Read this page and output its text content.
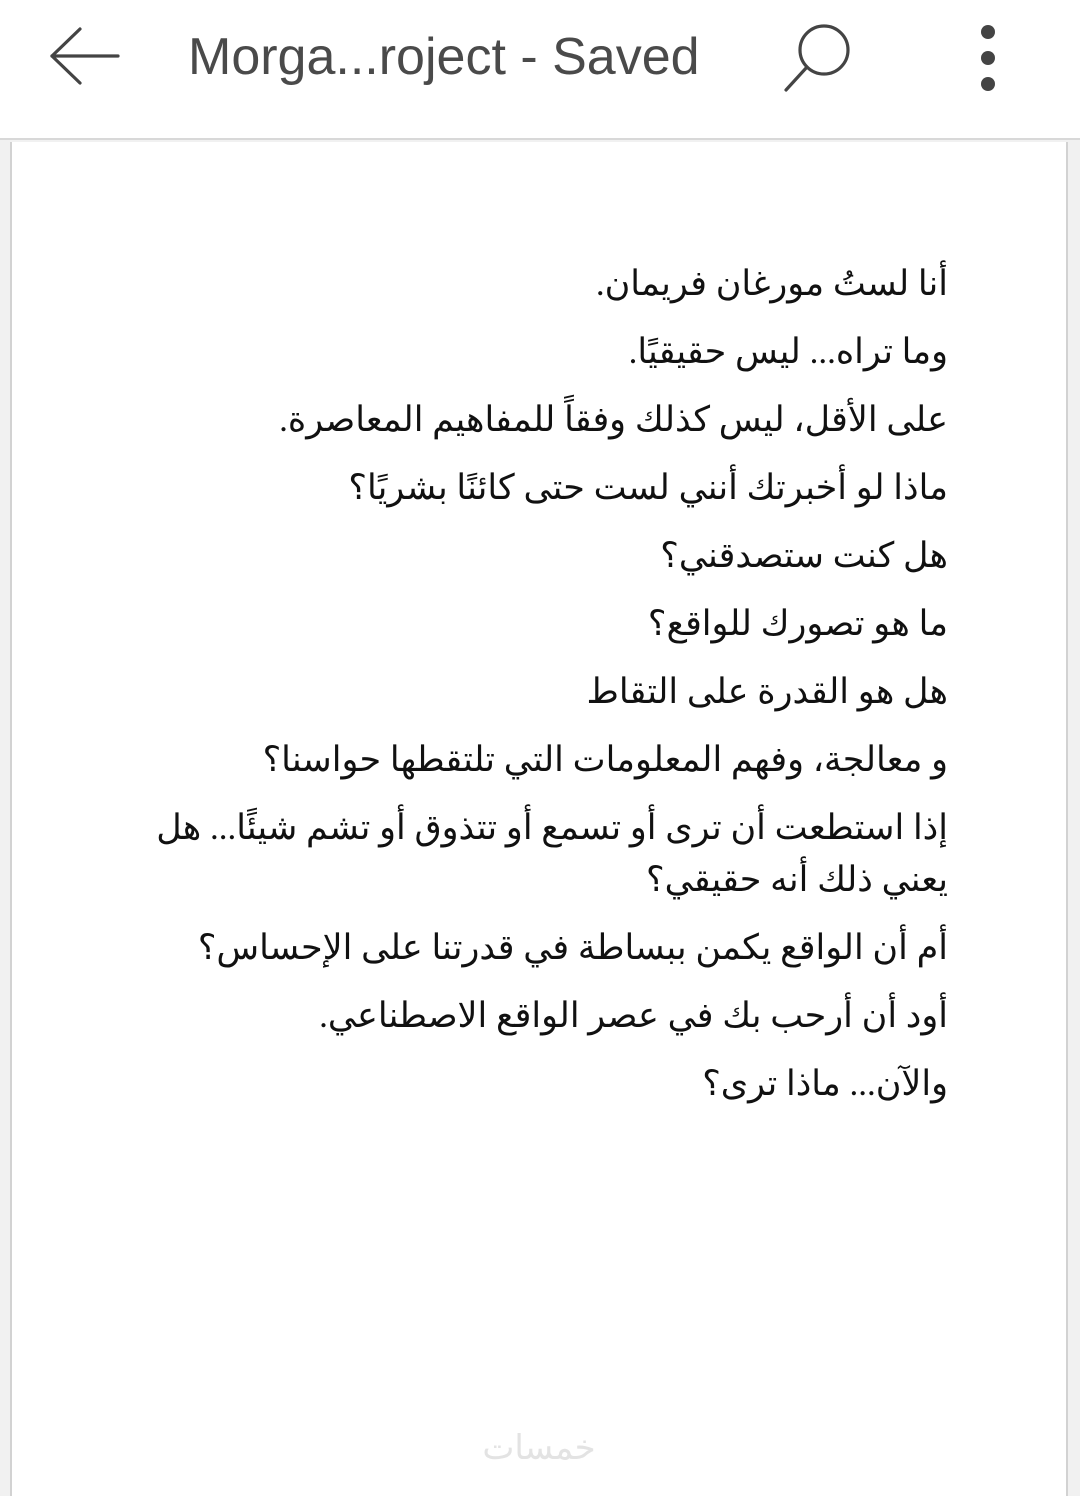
Morga...roject - Saved

أنا لستُ مورغان فريمان.

وما تراه... ليس حقيقيًا.

على الأقل، ليس كذلك وفقاً للمفاهيم المعاصرة.

ماذا لو أخبرتك أنني لست حتى كائنًا بشريًا؟

هل كنت ستصدقني؟

ما هو تصورك للواقع؟

هل هو القدرة على التقاط

و معالجة، وفهم المعلومات التي تلتقطها حواسنا؟

إذا استطعت أن ترى أو تسمع أو تتذوق أو تشم شيئًا... هل يعني ذلك أنه حقيقي؟

أم أن الواقع يكمن ببساطة في قدرتنا على الإحساس؟

أود أن أرحب بك في عصر الواقع الاصطناعي.

والآن... ماذا ترى؟

خمسات
